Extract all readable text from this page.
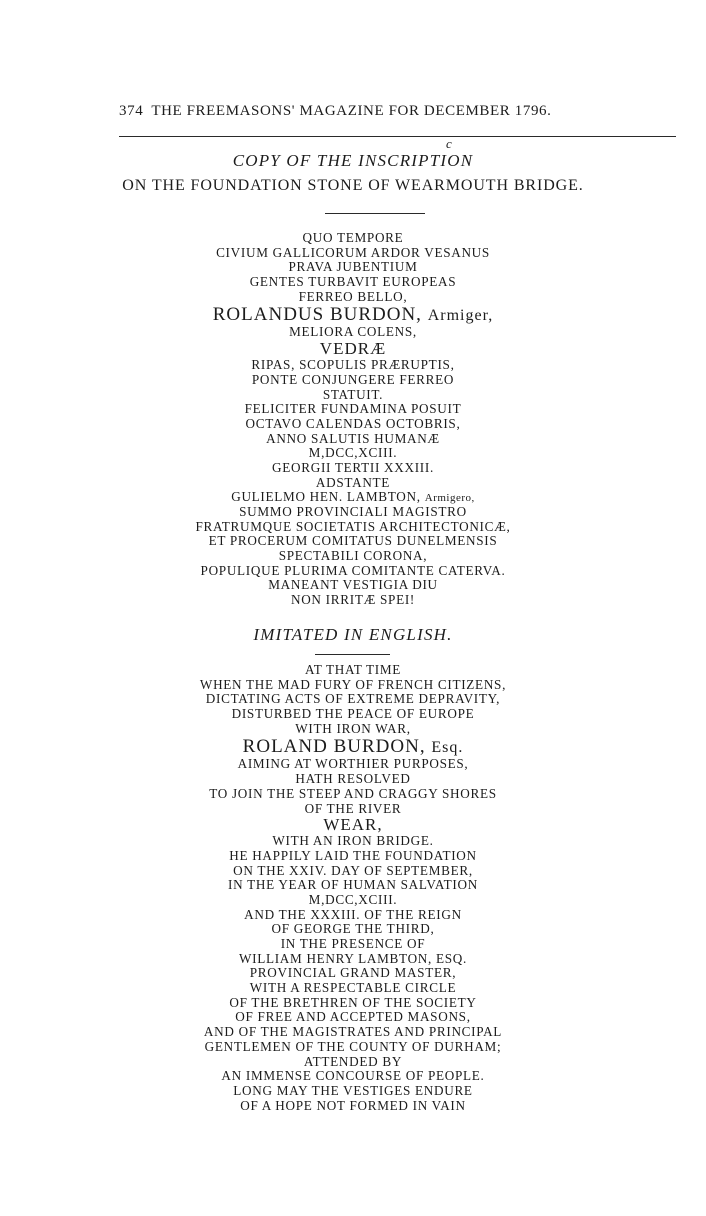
374 THE FREEMASONS' MAGAZINE FOR DECEMBER 1796.
c
COPY OF THE INSCRIPTION
ON THE FOUNDATION STONE OF WEARMOUTH BRIDGE.
QUO TEMPORE
CIVIUM GALLICORUM ARDOR VESANUS
PRAVA JUBENTIUM
GENTES TURBAVIT EUROPEAS
FERREO BELLO,
ROLANDUS BURDON, Armiger,
MELIORA COLENS,
VEDRÆ
RIPAS, SCOPULIS PRÆRUPTIS,
PONTE CONJUNGERE FERREO
STATUIT.
FELICITER FUNDAMINA POSUIT
OCTAVO CALENDAS OCTOBRIS,
ANNO SALUTIS HUMANÆ
M,DCC,XCIII.
GEORGII TERTII XXXIII.
ADSTANTE
GULIELMO HEN. LAMBTON, Armigero,
SUMMO PROVINCIALI MAGISTRO
FRATRUMQUE SOCIETATIS ARCHITECTONICÆ,
ET PROCERUM COMITATUS DUNELMENSIS
SPECTABILI CORONA,
POPULIQUE PLURIMA COMITANTE CATERVA.
MANEANT VESTIGIA DIU
NON IRRITÆ SPEI!
IMITATED IN ENGLISH.
AT THAT TIME
WHEN THE MAD FURY OF FRENCH CITIZENS,
DICTATING ACTS OF EXTREME DEPRAVITY,
DISTURBED THE PEACE OF EUROPE
WITH IRON WAR,
ROLAND BURDON, Esq.
AIMING AT WORTHIER PURPOSES,
HATH RESOLVED
TO JOIN THE STEEP AND CRAGGY SHORES
OF THE RIVER
WEAR,
WITH AN IRON BRIDGE.
HE HAPPILY LAID THE FOUNDATION
ON THE XXIV. DAY OF SEPTEMBER,
IN THE YEAR OF HUMAN SALVATION
M,DCC,XCIII.
AND THE XXXIII. OF THE REIGN
OF GEORGE THE THIRD,
IN THE PRESENCE OF
WILLIAM HENRY LAMBTON, ESQ.
PROVINCIAL GRAND MASTER,
WITH A RESPECTABLE CIRCLE
OF THE BRETHREN OF THE SOCIETY
OF FREE AND ACCEPTED MASONS,
AND OF THE MAGISTRATES AND PRINCIPAL
GENTLEMEN OF THE COUNTY OF DURHAM;
ATTENDED BY
AN IMMENSE CONCOURSE OF PEOPLE.
LONG MAY THE VESTIGES ENDURE
OF A HOPE NOT FORMED IN VAIN
